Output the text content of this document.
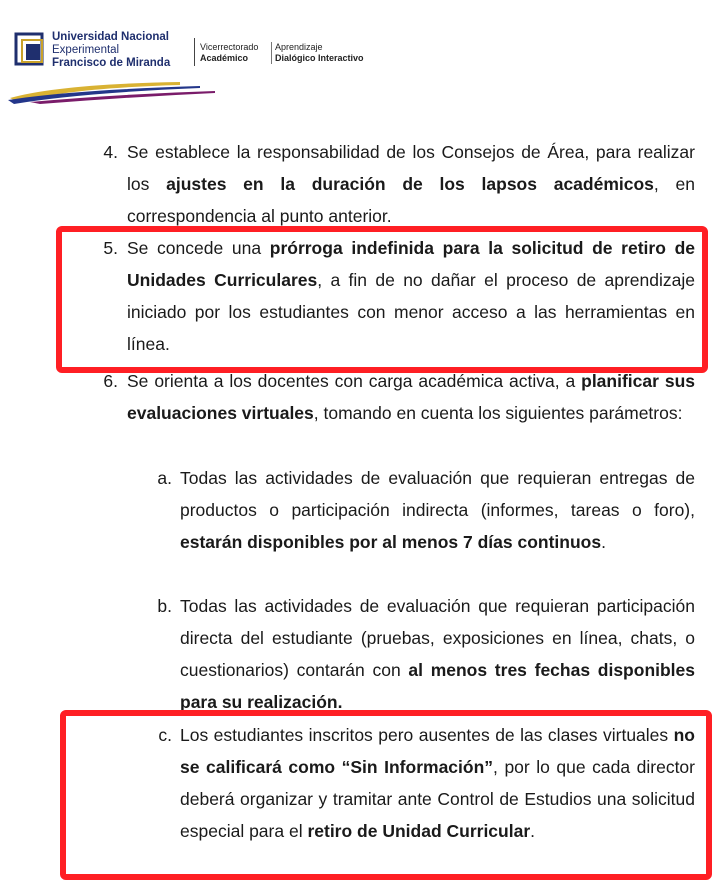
Universidad Nacional
Experimental
Francisco de Miranda
Vicerrectorado
Académico
Aprendizaje
Dialógico Interactivo
4. Se establece la responsabilidad de los Consejos de Área, para realizar los ajustes en la duración de los lapsos académicos, en correspondencia al punto anterior.
5. Se concede una prórroga indefinida para la solicitud de retiro de Unidades Curriculares, a fin de no dañar el proceso de aprendizaje iniciado por los estudiantes con menor acceso a las herramientas en línea.
6. Se orienta a los docentes con carga académica activa, a planificar sus evaluaciones virtuales, tomando en cuenta los siguientes parámetros:
a. Todas las actividades de evaluación que requieran entregas de productos o participación indirecta (informes, tareas o foro), estarán disponibles por al menos 7 días continuos.
b. Todas las actividades de evaluación que requieran participación directa del estudiante (pruebas, exposiciones en línea, chats, o cuestionarios) contarán con al menos tres fechas disponibles para su realización.
c. Los estudiantes inscritos pero ausentes de las clases virtuales no se calificará como “Sin Información”, por lo que cada director deberá organizar y tramitar ante Control de Estudios una solicitud especial para el retiro de Unidad Curricular.
